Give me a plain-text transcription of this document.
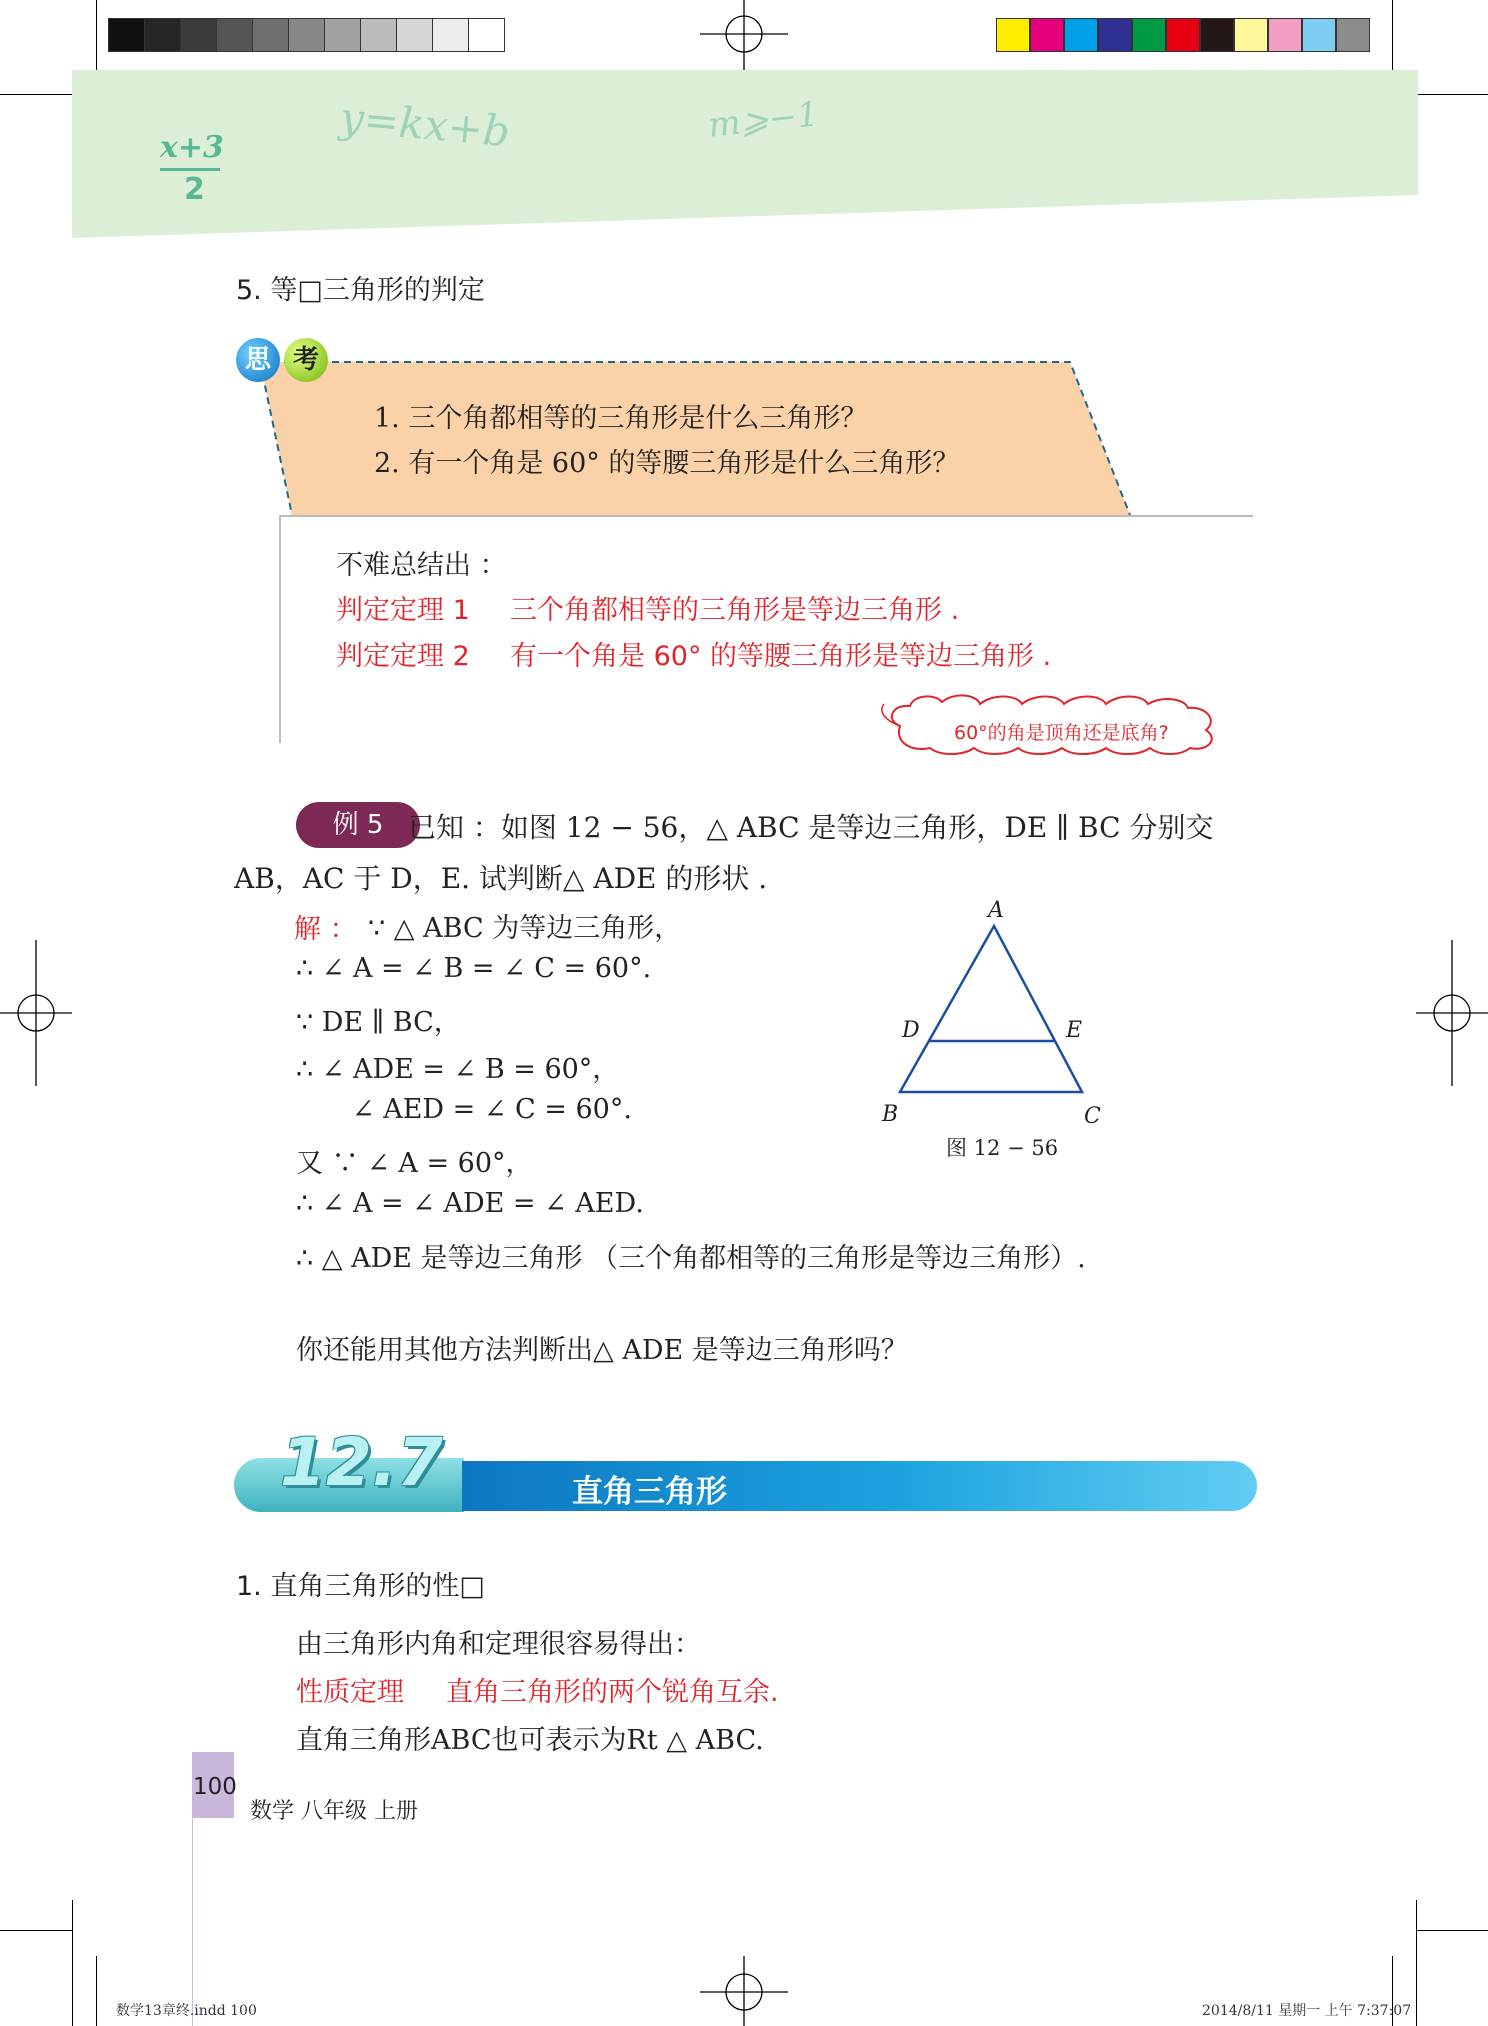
x+3
2
y=kx+b	m⩾−1
5. 等□三角形的判定
思 考
1. 三个角都相等的三角形是什么三角形？
2. 有一个角是 60° 的等腰三角形是什么三角形？
不难总结出 ：
判定定理 1 三个角都相等的三角形是等边三角形 .
判定定理 2 有一个角是 60° 的等腰三角形是等边三角形 .
60°的角是顶角还是底角?
例 5 已知 ：如图 12 − 56，△ ABC 是等边三角形，DE ∥ BC 分别交
AB，AC 于 D，E. 试判断△ ADE 的形状 .
解 ： ∵ △ ABC 为等边三角形，
∴ ∠ A = ∠ B = ∠ C = 60°.
∵ DE ∥ BC，
∴ ∠ ADE = ∠ B = 60°，
∠ AED = ∠ C = 60°.
又 ∵ ∠ A = 60°，
∴ ∠ A = ∠ ADE = ∠ AED.
∴ △ ADE 是等边三角形 （三个角都相等的三角形是等边三角形）.
你还能用其他方法判断出△ ADE 是等边三角形吗？
A
D	E
B	C
图 12 − 56
12.7	直角三角形
1. 直角三角形的性□
由三角形内角和定理很容易得出：
性质定理 直角三角形的两个锐角互余.
直角三角形ABC也可表示为Rt △ ABC.
100
数学 八年级 上册
数学13章终.indd 100	2014/8/11 星期一 上午 7:37:07
